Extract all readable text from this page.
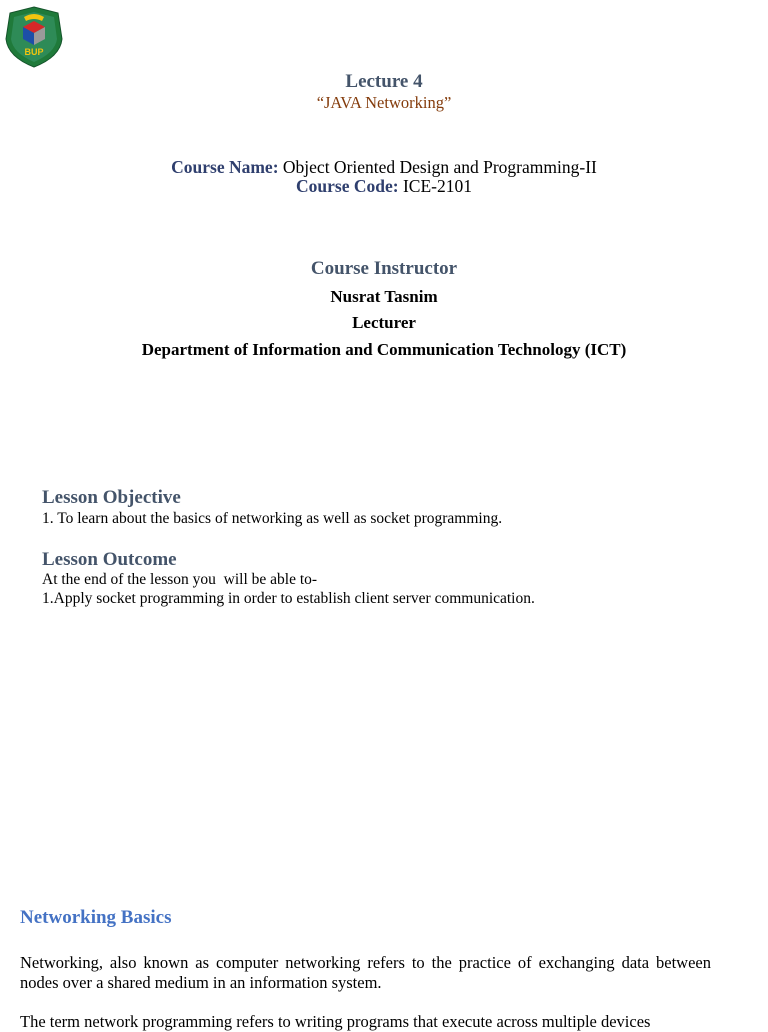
BUP
Lecture 4
“JAVA Networking”
Course Name: Object Oriented Design and Programming-II
Course Code: ICE-2101
Course Instructor
Nusrat Tasnim
Lecturer
Department of Information and Communication Technology (ICT)
Lesson Objective
1. To learn about the basics of networking as well as socket programming.
Lesson Outcome
At the end of the lesson you  will be able to-
1.Apply socket programming in order to establish client server communication.
Networking Basics
Networking, also known as computer networking refers to the practice of exchanging data between nodes over a shared medium in an information system.
The term network programming refers to writing programs that execute across multiple devices
